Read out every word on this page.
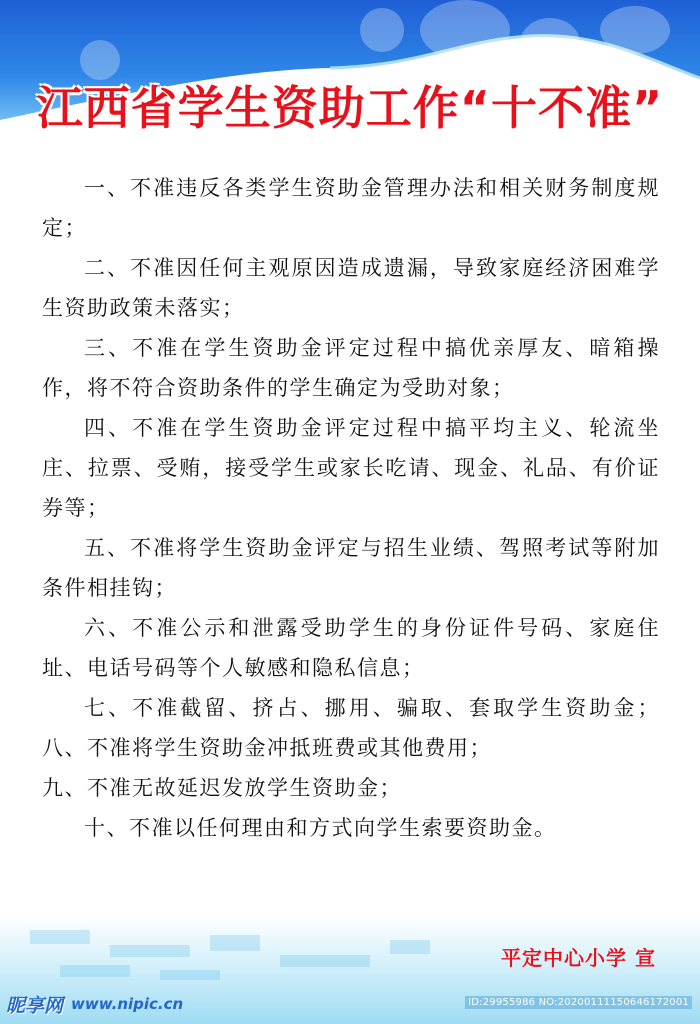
江西省学生资助工作“十不准”

一、不准违反各类学生资助金管理办法和相关财务制度规定；

二、不准因任何主观原因造成遗漏，导致家庭经济困难学生资助政策未落实；

三、不准在学生资助金评定过程中搞优亲厚友、暗箱操作，将不符合资助条件的学生确定为受助对象；

四、不准在学生资助金评定过程中搞平均主义、轮流坐庄、拉票、受贿，接受学生或家长吃请、现金、礼品、有价证券等；

五、不准将学生资助金评定与招生业绩、驾照考试等附加条件相挂钩；

六、不准公示和泄露受助学生的身份证件号码、家庭住址、电话号码等个人敏感和隐私信息；

七、不准截留、挤占、挪用、骗取、套取学生资助金； 八、不准将学生资助金冲抵班费或其他费用；

九、不准无故延迟发放学生资助金；

十、不准以任何理由和方式向学生索要资助金。

平定中心小学 宣
昵享网 www.nipic.cn	ID:29955986 NO:20200111150646172001
